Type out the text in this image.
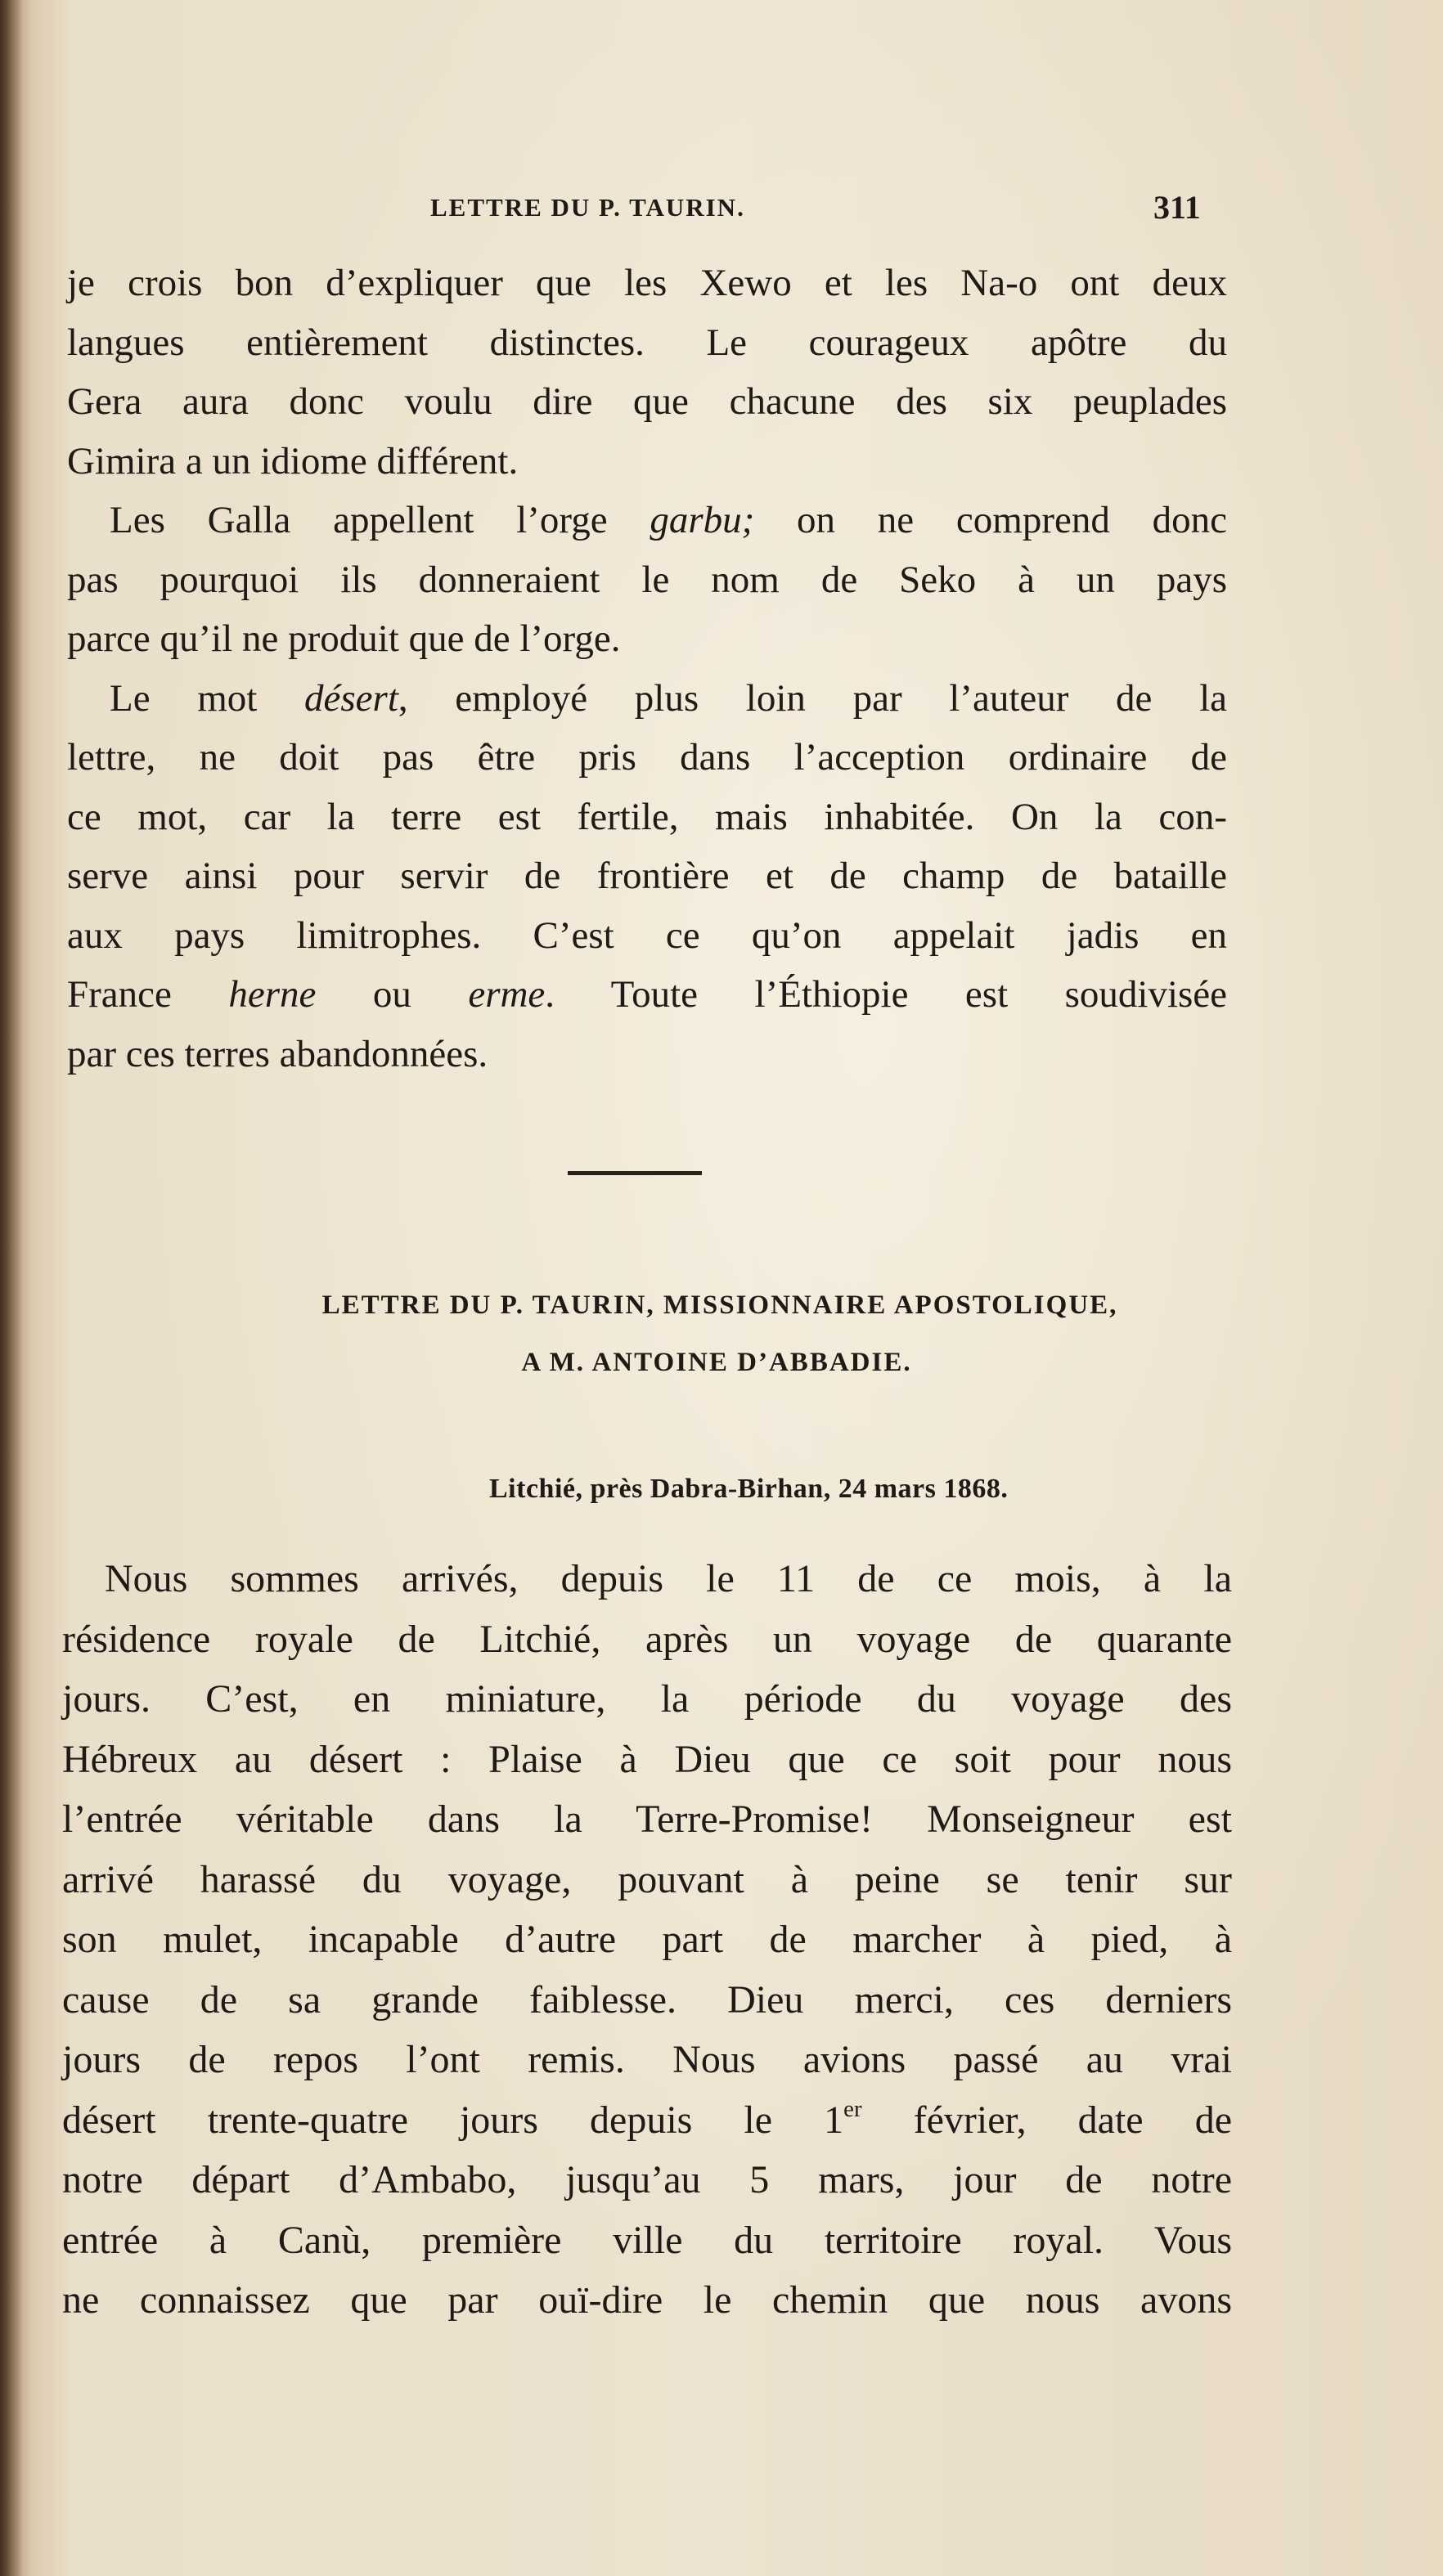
LETTRE DU P. TAURIN.	311
je crois bon d’expliquer que les Xewo et les Na-o ont deux
langues entièrement distinctes. Le courageux apôtre du
Gera aura donc voulu dire que chacune des six peuplades
Gimira a un idiome différent.
Les Galla appellent l’orge garbu; on ne comprend donc
pas pourquoi ils donneraient le nom de Seko à un pays
parce qu’il ne produit que de l’orge.
Le mot désert, employé plus loin par l’auteur de la
lettre, ne doit pas être pris dans l’acception ordinaire de
ce mot, car la terre est fertile, mais inhabitée. On la con-
serve ainsi pour servir de frontière et de champ de bataille
aux pays limitrophes. C’est ce qu’on appelait jadis en
France herne ou erme. Toute l’Éthiopie est soudivisée
par ces terres abandonnées.
LETTRE DU P. TAURIN, MISSIONNAIRE APOSTOLIQUE,
A M. ANTOINE D’ABBADIE.
Litchié, près Dabra-Birhan, 24 mars 1868.
Nous sommes arrivés, depuis le 11 de ce mois, à la
résidence royale de Litchié, après un voyage de quarante
jours. C’est, en miniature, la période du voyage des
Hébreux au désert : Plaise à Dieu que ce soit pour nous
l’entrée véritable dans la Terre-Promise! Monseigneur est
arrivé harassé du voyage, pouvant à peine se tenir sur
son mulet, incapable d’autre part de marcher à pied, à
cause de sa grande faiblesse. Dieu merci, ces derniers
jours de repos l’ont remis. Nous avions passé au vrai
désert trente-quatre jours depuis le 1er février, date de
notre départ d’Ambabo, jusqu’au 5 mars, jour de notre
entrée à Canù, première ville du territoire royal. Vous
ne connaissez que par ouï-dire le chemin que nous avons
